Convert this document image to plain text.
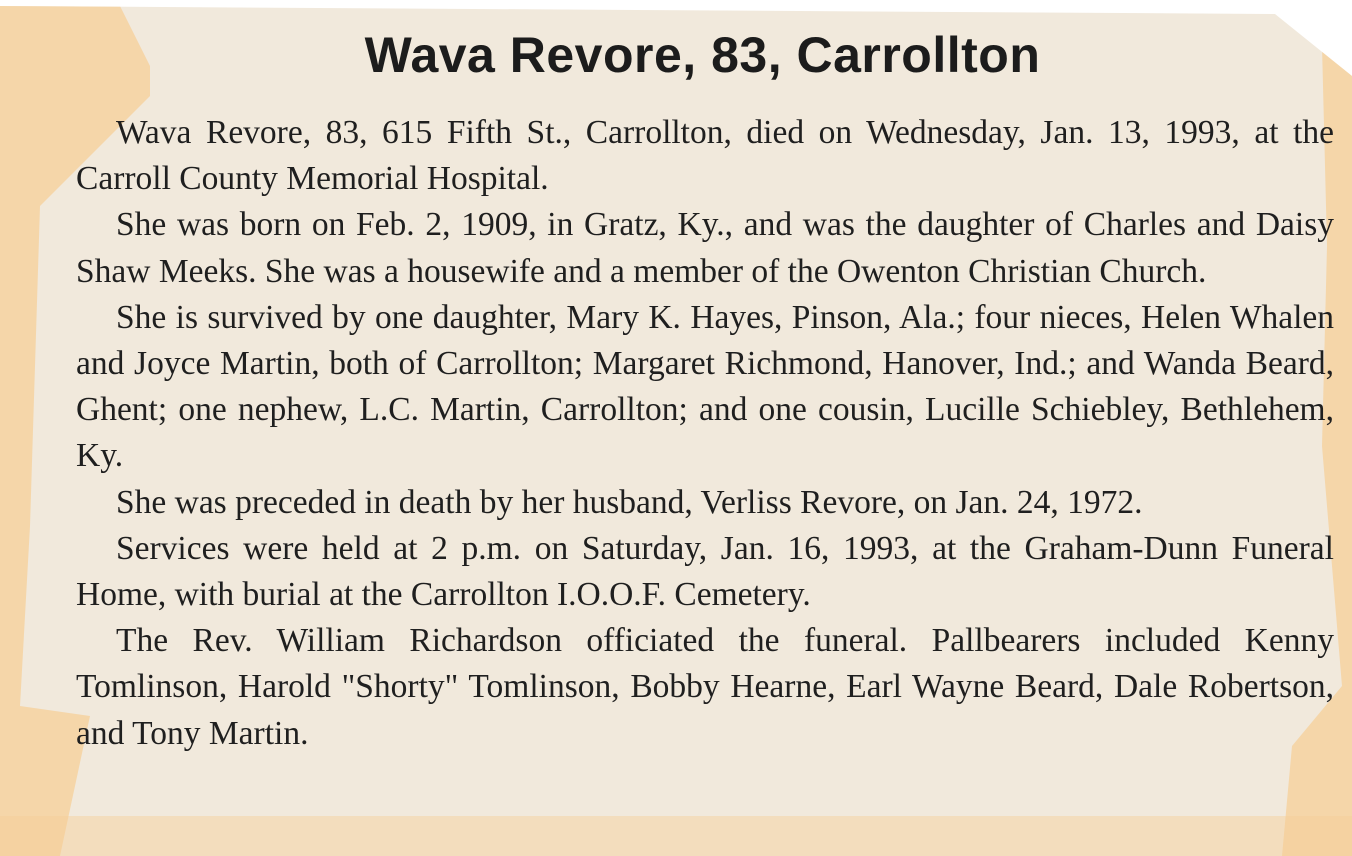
Wava Revore, 83, Carrollton

Wava Revore, 83, 615 Fifth St., Carrollton, died on Wednesday, Jan. 13, 1993, at the Carroll County Memorial Hospital.

She was born on Feb. 2, 1909, in Gratz, Ky., and was the daughter of Charles and Daisy Shaw Meeks. She was a housewife and a member of the Owenton Christian Church.

She is survived by one daughter, Mary K. Hayes, Pinson, Ala.; four nieces, Helen Whalen and Joyce Martin, both of Carrollton; Margaret Richmond, Hanover, Ind.; and Wanda Beard, Ghent; one nephew, L.C. Martin, Carrollton; and one cousin, Lucille Schiebley, Bethlehem, Ky.

She was preceded in death by her husband, Verliss Revore, on Jan. 24, 1972.

Services were held at 2 p.m. on Saturday, Jan. 16, 1993, at the Graham-Dunn Funeral Home, with burial at the Carrollton I.O.O.F. Cemetery.

The Rev. William Richardson officiated the funeral. Pallbearers included Kenny Tomlinson, Harold "Shorty" Tomlinson, Bobby Hearne, Earl Wayne Beard, Dale Robertson, and Tony Martin.
